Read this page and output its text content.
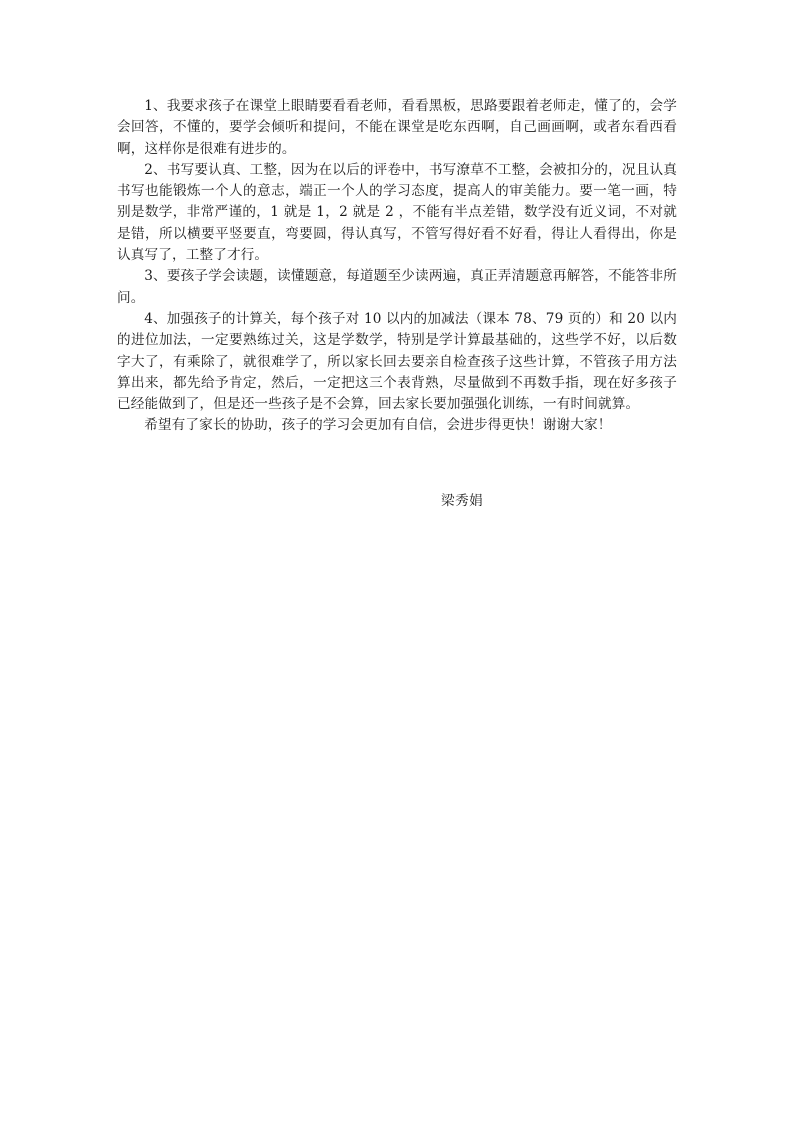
1、我要求孩子在课堂上眼睛要看看老师，看看黑板，思路要跟着老师走，懂了的，会学会回答，不懂的，要学会倾听和提问，不能在课堂是吃东西啊，自己画画啊，或者东看西看啊，这样你是很难有进步的。

2、书写要认真、工整，因为在以后的评卷中，书写潦草不工整，会被扣分的，况且认真书写也能锻炼一个人的意志，端正一个人的学习态度，提高人的审美能力。要一笔一画，特别是数学，非常严谨的，1 就是 1，2 就是 2 ，不能有半点差错，数学没有近义词，不对就是错，所以横要平竖要直，弯要圆，得认真写，不管写得好看不好看，得让人看得出，你是认真写了，工整了才行。

3、要孩子学会读题，读懂题意，每道题至少读两遍，真正弄清题意再解答，不能答非所问。

4、加强孩子的计算关，每个孩子对 10 以内的加减法（课本 78、79 页的）和 20 以内的进位加法，一定要熟练过关，这是学数学，特别是学计算最基础的，这些学不好，以后数字大了，有乘除了，就很难学了，所以家长回去要亲自检查孩子这些计算，不管孩子用方法算出来，都先给予肯定，然后，一定把这三个表背熟，尽量做到不再数手指，现在好多孩子已经能做到了，但是还一些孩子是不会算，回去家长要加强强化训练，一有时间就算。

希望有了家长的协助，孩子的学习会更加有自信，会进步得更快！谢谢大家！

梁秀娟
